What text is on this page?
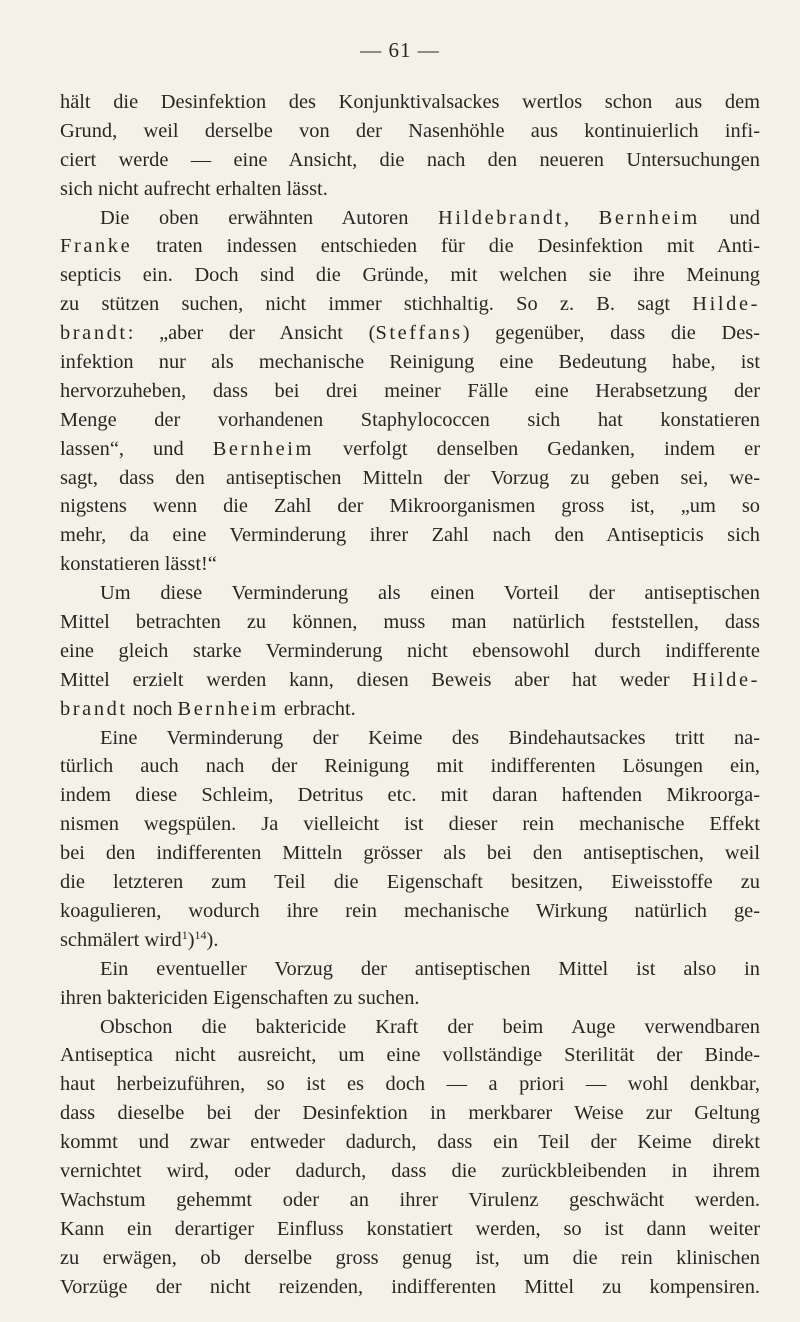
— 61 —
hält die Desinfektion des Konjunktivalsackes wertlos schon aus dem
Grund, weil derselbe von der Nasenhöhle aus kontinuierlich infi-
ciert werde — eine Ansicht, die nach den neueren Untersuchungen
sich nicht aufrecht erhalten lässt.
Die oben erwähnten Autoren Hildebrandt, Bernheim und
Franke traten indessen entschieden für die Desinfektion mit Anti-
septicis ein. Doch sind die Gründe, mit welchen sie ihre Meinung
zu stützen suchen, nicht immer stichhaltig. So z. B. sagt Hilde-
brandt: „aber der Ansicht (Steffans) gegenüber, dass die Des-
infektion nur als mechanische Reinigung eine Bedeutung habe, ist
hervorzuheben, dass bei drei meiner Fälle eine Herabsetzung der
Menge der vorhandenen Staphylococcen sich hat konstatieren
lassen“, und Bernheim verfolgt denselben Gedanken, indem er
sagt, dass den antiseptischen Mitteln der Vorzug zu geben sei, we-
nigstens wenn die Zahl der Mikroorganismen gross ist, „um so
mehr, da eine Verminderung ihrer Zahl nach den Antisepticis sich
konstatieren lässt!“
Um diese Verminderung als einen Vorteil der antiseptischen
Mittel betrachten zu können, muss man natürlich feststellen, dass
eine gleich starke Verminderung nicht ebensowohl durch indifferente
Mittel erzielt werden kann, diesen Beweis aber hat weder Hilde-
brandt noch Bernheim erbracht.
Eine Verminderung der Keime des Bindehautsackes tritt na-
türlich auch nach der Reinigung mit indifferenten Lösungen ein,
indem diese Schleim, Detritus etc. mit daran haftenden Mikroorga-
nismen wegspülen. Ja vielleicht ist dieser rein mechanische Effekt
bei den indifferenten Mitteln grösser als bei den antiseptischen, weil
die letzteren zum Teil die Eigenschaft besitzen, Eiweisstoffe zu
koagulieren, wodurch ihre rein mechanische Wirkung natürlich ge-
schmälert wird$^1$)$^{14}$).
Ein eventueller Vorzug der antiseptischen Mittel ist also in
ihren baktericiden Eigenschaften zu suchen.
Obschon die baktericide Kraft der beim Auge verwendbaren
Antiseptica nicht ausreicht, um eine vollständige Sterilität der Binde-
haut herbeizuführen, so ist es doch — a priori — wohl denkbar,
dass dieselbe bei der Desinfektion in merkbarer Weise zur Geltung
kommt und zwar entweder dadurch, dass ein Teil der Keime direkt
vernichtet wird, oder dadurch, dass die zurückbleibenden in ihrem
Wachstum gehemmt oder an ihrer Virulenz geschwächt werden.
Kann ein derartiger Einfluss konstatiert werden, so ist dann weiter
zu erwägen, ob derselbe gross genug ist, um die rein klinischen
Vorzüge der nicht reizenden, indifferenten Mittel zu kompensiren.
